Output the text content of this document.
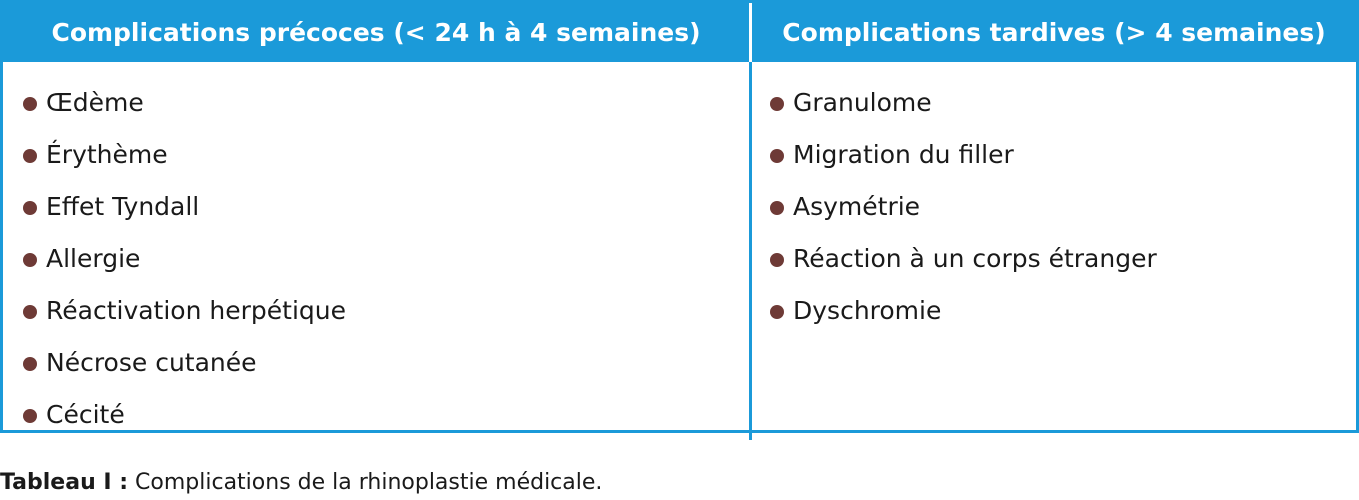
Complications précoces (< 24 h à 4 semaines)	Complications tardives (> 4 semaines)
Œdème
Érythème
Effet Tyndall
Allergie
Réactivation herpétique
Nécrose cutanée
Cécité
Granulome
Migration du filler
Asymétrie
Réaction à un corps étranger
Dyschromie
Tableau I : Complications de la rhinoplastie médicale.
